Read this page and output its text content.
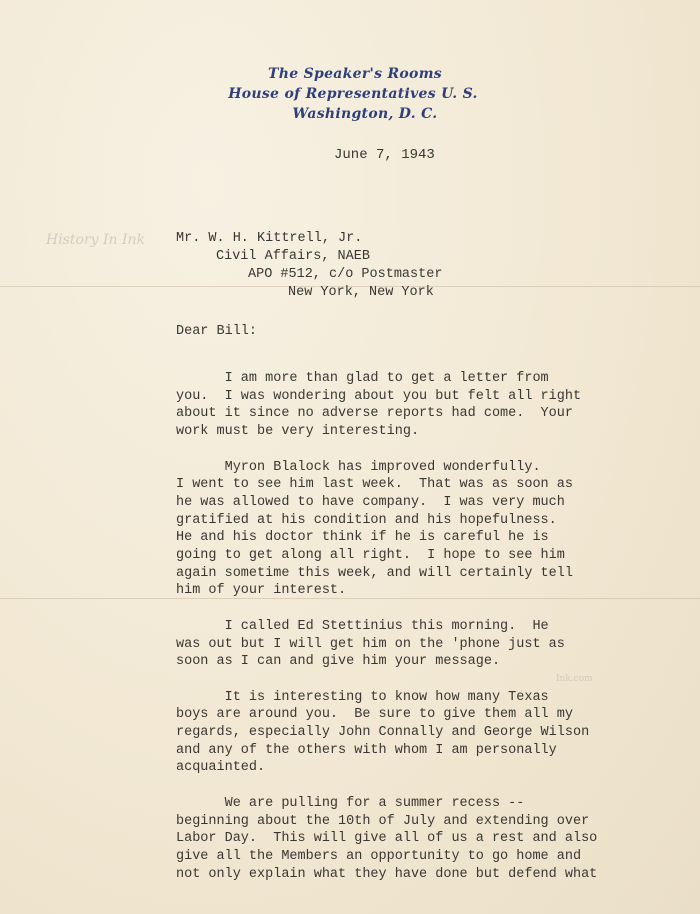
The Speaker's Rooms
House of Representatives U. S.
Washington, D. C.
June 7, 1943
History In Ink Mr. W. H. Kittrell, Jr.
Civil Affairs, NAEB
APO #512, c/o Postmaster
New York, New York
Dear Bill:

I am more than glad to get a letter from
you.  I was wondering about you but felt all right
about it since no adverse reports had come.  Your
work must be very interesting.

Myron Blalock has improved wonderfully.
I went to see him last week.  That was as soon as
he was allowed to have company.  I was very much
gratified at his condition and his hopefulness.
He and his doctor think if he is careful he is
going to get along all right.  I hope to see him
again sometime this week, and will certainly tell
him of your interest.

I called Ed Stettinius this morning.  He
was out but I will get him on the 'phone just as
soon as I can and give him your message.

It is interesting to know how many Texas
boys are around you.  Be sure to give them all my
regards, especially John Connally and George Wilson
and any of the others with whom I am personally
acquainted.

We are pulling for a summer recess --
beginning about the 10th of July and extending over
Labor Day.  This will give all of us a rest and also
give all the Members an opportunity to go home and
not only explain what they have done but defend what

Ink.com
